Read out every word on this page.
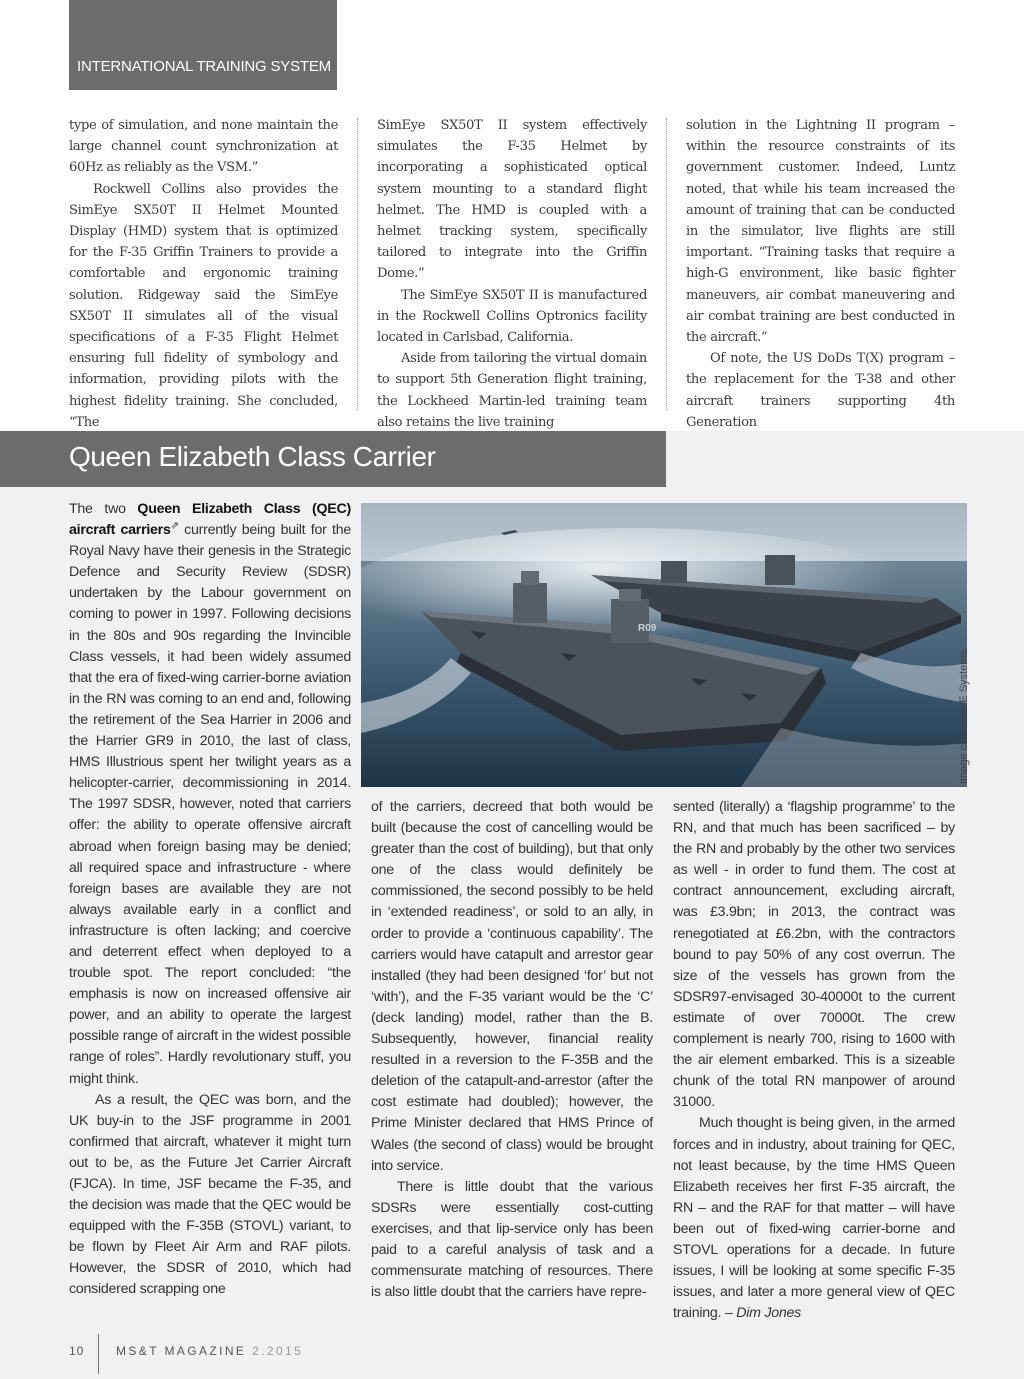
INTERNATIONAL TRAINING SYSTEM

type of simulation, and none maintain the large channel count synchronization at 60Hz as reliably as the VSM.”

Rockwell Collins also provides the SimEye SX50T II Helmet Mounted Display (HMD) system that is optimized for the F-35 Griffin Trainers to provide a comfortable and ergonomic training solution. Ridgeway said the SimEye SX50T II simulates all of the visual specifications of a F-35 Flight Helmet ensuring full fidelity of symbology and information, providing pilots with the highest fidelity training. She concluded, “The

SimEye SX50T II system effectively simulates the F-35 Helmet by incorporating a sophisticated optical system mounting to a standard flight helmet. The HMD is coupled with a helmet tracking system, specifically tailored to integrate into the Griffin Dome.”

The SimEye SX50T II is manufactured in the Rockwell Collins Optronics facility located in Carlsbad, California.

Aside from tailoring the virtual domain to support 5th Generation flight training, the Lockheed Martin-led training team also retains the live training

solution in the Lightning II program – within the resource constraints of its government customer. Indeed, Luntz noted, that while his team increased the amount of training that can be conducted in the simulator, live flights are still important. “Training tasks that require a high-G environment, like basic fighter maneuvers, air combat maneuvering and air combat training are best conducted in the aircraft.”

Of note, the US DoDs T(X) program – the replacement for the T-38 and other aircraft trainers supporting 4th Generation

Queen Elizabeth Class Carrier

The two Queen Elizabeth Class (QEC) aircraft carriers⇗ currently being built for the Royal Navy have their genesis in the Strategic Defence and Security Review (SDSR) undertaken by the Labour government on coming to power in 1997. Following decisions in the 80s and 90s regarding the Invincible Class vessels, it had been widely assumed that the era of fixed-wing carrier-borne aviation in the RN was coming to an end and, following the retirement of the Sea Harrier in 2006 and the Harrier GR9 in 2010, the last of class, HMS Illustrious spent her twilight years as a helicopter-carrier, decommissioning in 2014. The 1997 SDSR, however, noted that carriers offer: the ability to operate offensive aircraft abroad when foreign basing may be denied; all required space and infrastructure - where foreign bases are available they are not always available early in a conflict and infrastructure is often lacking; and coercive and deterrent effect when deployed to a trouble spot. The report concluded: “the emphasis is now on increased offensive air power, and an ability to operate the largest possible range of aircraft in the widest possible range of roles”. Hardly revolutionary stuff, you might think.

As a result, the QEC was born, and the UK buy-in to the JSF programme in 2001 confirmed that aircraft, whatever it might turn out to be, as the Future Jet Carrier Aircraft (FJCA). In time, JSF became the F-35, and the decision was made that the QEC would be equipped with the F-35B (STOVL) variant, to be flown by Fleet Air Arm and RAF pilots. However, the SDSR of 2010, which had considered scrapping one

R09
Image credit: BAE Systems.

of the carriers, decreed that both would be built (because the cost of cancelling would be greater than the cost of building), but that only one of the class would definitely be commissioned, the second possibly to be held in ‘extended readiness’, or sold to an ally, in order to provide a ‘continuous capability’. The carriers would have catapult and arrestor gear installed (they had been designed ‘for’ but not ‘with’), and the F-35 variant would be the ‘C’ (deck landing) model, rather than the B. Subsequently, however, financial reality resulted in a reversion to the F-35B and the deletion of the catapult-and-arrestor (after the cost estimate had doubled); however, the Prime Minister declared that HMS Prince of Wales (the second of class) would be brought into service.

There is little doubt that the various SDSRs were essentially cost-cutting exercises, and that lip-service only has been paid to a careful analysis of task and a commensurate matching of resources. There is also little doubt that the carriers have repre-

sented (literally) a ‘flagship programme’ to the RN, and that much has been sacrificed – by the RN and probably by the other two services as well - in order to fund them. The cost at contract announcement, excluding aircraft, was £3.9bn; in 2013, the contract was renegotiated at £6.2bn, with the contractors bound to pay 50% of any cost overrun. The size of the vessels has grown from the SDSR97-envisaged 30-40000t to the current estimate of over 70000t. The crew complement is nearly 700, rising to 1600 with the air element embarked. This is a sizeable chunk of the total RN manpower of around 31000.

Much thought is being given, in the armed forces and in industry, about training for QEC, not least because, by the time HMS Queen Elizabeth receives her first F-35 aircraft, the RN – and the RAF for that matter – will have been out of fixed-wing carrier-borne and STOVL operations for a decade. In future issues, I will be looking at some specific F-35 issues, and later a more general view of QEC training. – Dim Jones

10	MS&T MAGAZINE 2.2015
